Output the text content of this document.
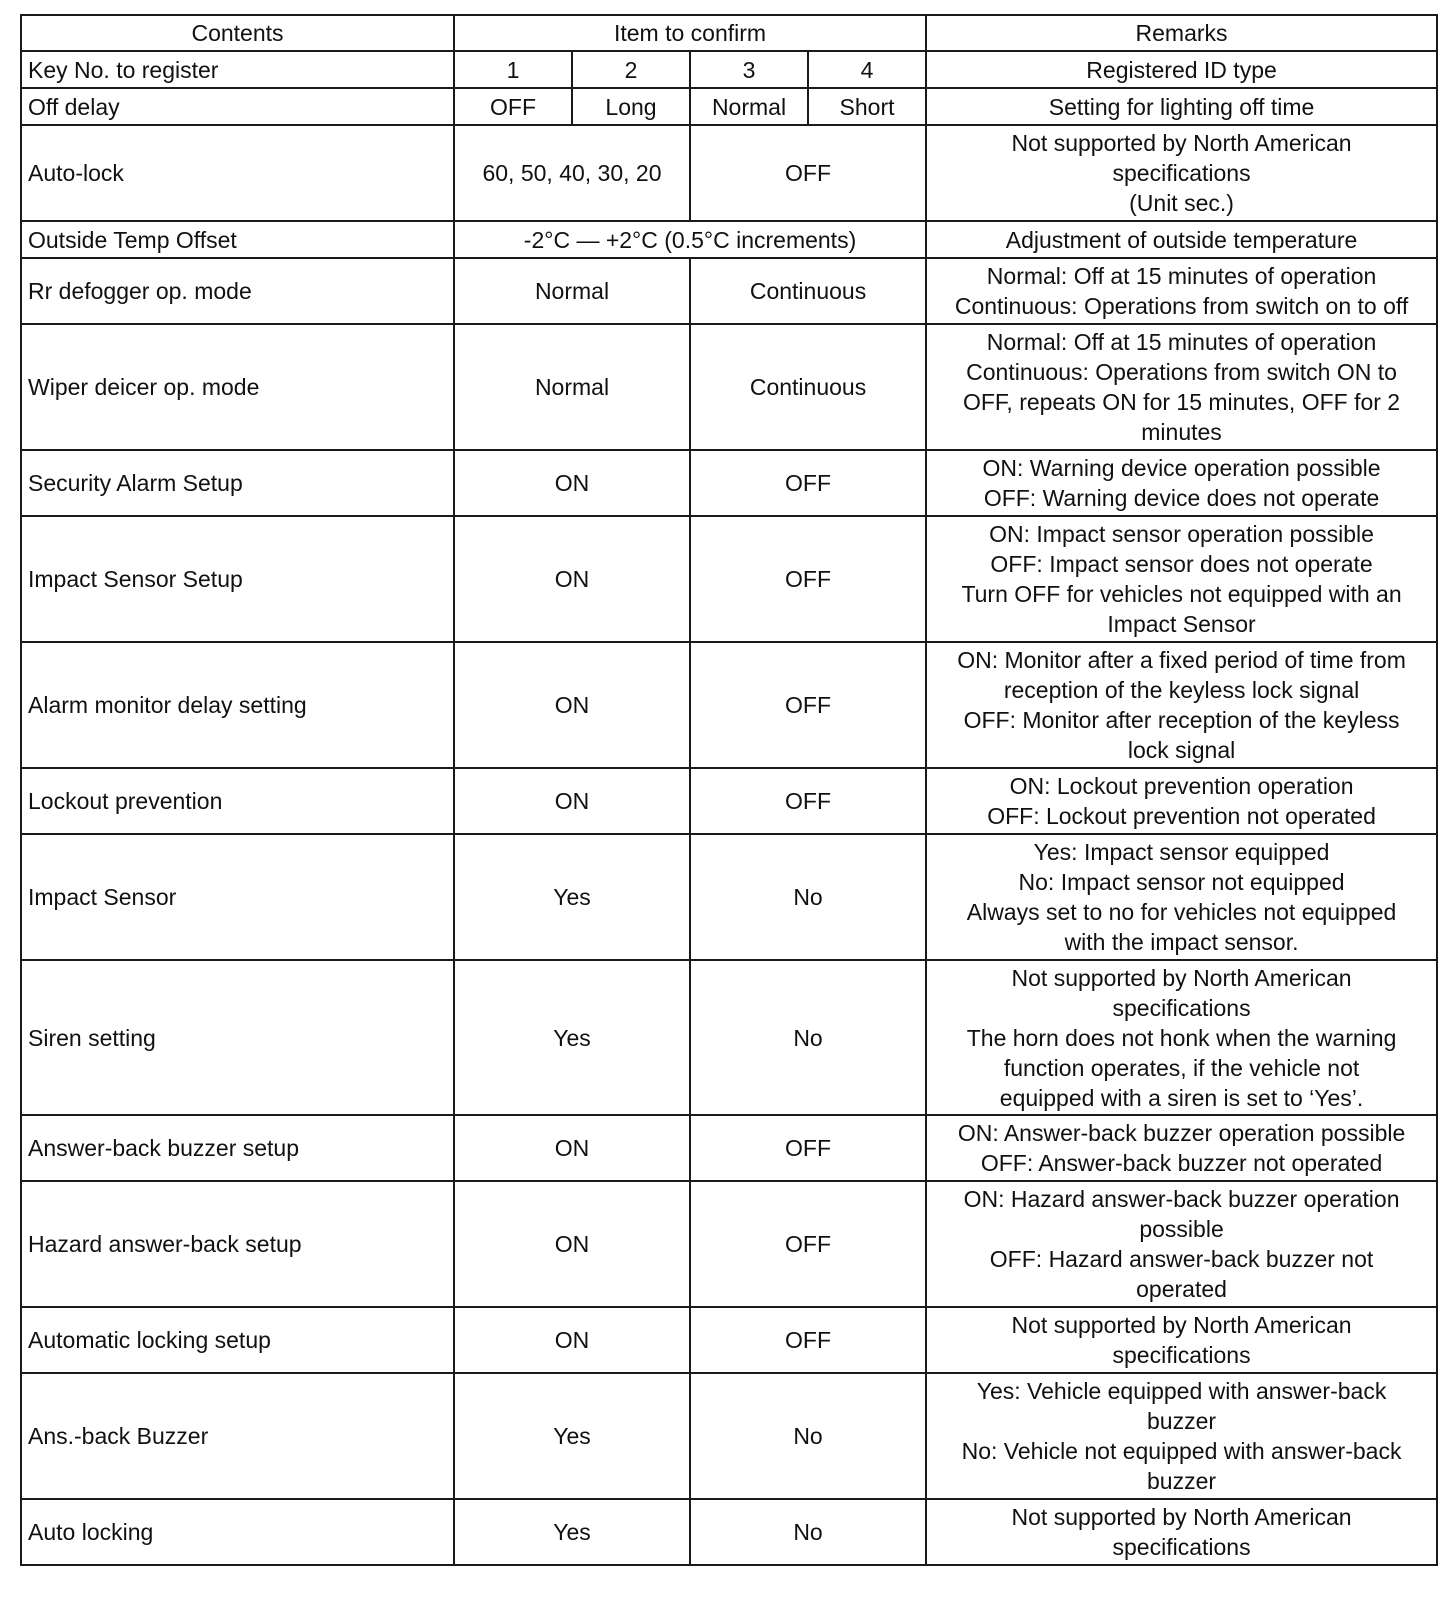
Contents	Item to confirm				Remarks
Key No. to register	1	2	3	4	Registered ID type
Off delay	OFF	Long	Normal	Short	Setting for lighting off time
Auto-lock	60, 50, 40, 30, 20		OFF		Not supported by North American
specifications
(Unit sec.)

Outside Temp Offset	-2°C — +2°C (0.5°C increments)				Adjustment of outside temperature
Rr defogger op. mode	Normal		Continuous		Normal: Off at 15 minutes of operation
Continuous: Operations from switch on to off

Wiper deicer op. mode	Normal		Continuous		Normal: Off at 15 minutes of operation
Continuous: Operations from switch ON to
OFF, repeats ON for 15 minutes, OFF for 2
minutes

Security Alarm Setup	ON		OFF		ON: Warning device operation possible
OFF: Warning device does not operate

Impact Sensor Setup	ON		OFF		ON: Impact sensor operation possible
OFF: Impact sensor does not operate
Turn OFF for vehicles not equipped with an
Impact Sensor

Alarm monitor delay setting	ON		OFF		ON: Monitor after a fixed period of time from
reception of the keyless lock signal
OFF: Monitor after reception of the keyless
lock signal

Lockout prevention	ON		OFF		ON: Lockout prevention operation
OFF: Lockout prevention not operated

Impact Sensor	Yes		No		Yes: Impact sensor equipped
No: Impact sensor not equipped
Always set to no for vehicles not equipped
with the impact sensor.

Siren setting	Yes		No		Not supported by North American
specifications
The horn does not honk when the warning
function operates, if the vehicle not
equipped with a siren is set to ‘Yes’.

Answer-back buzzer setup	ON		OFF		ON: Answer-back buzzer operation possible
OFF: Answer-back buzzer not operated

Hazard answer-back setup	ON		OFF		ON: Hazard answer-back buzzer operation
possible
OFF: Hazard answer-back buzzer not
operated

Automatic locking setup	ON		OFF		Not supported by North American
specifications

Ans.-back Buzzer	Yes		No		Yes: Vehicle equipped with answer-back
buzzer
No: Vehicle not equipped with answer-back
buzzer

Auto locking	Yes		No		Not supported by North American
specifications
